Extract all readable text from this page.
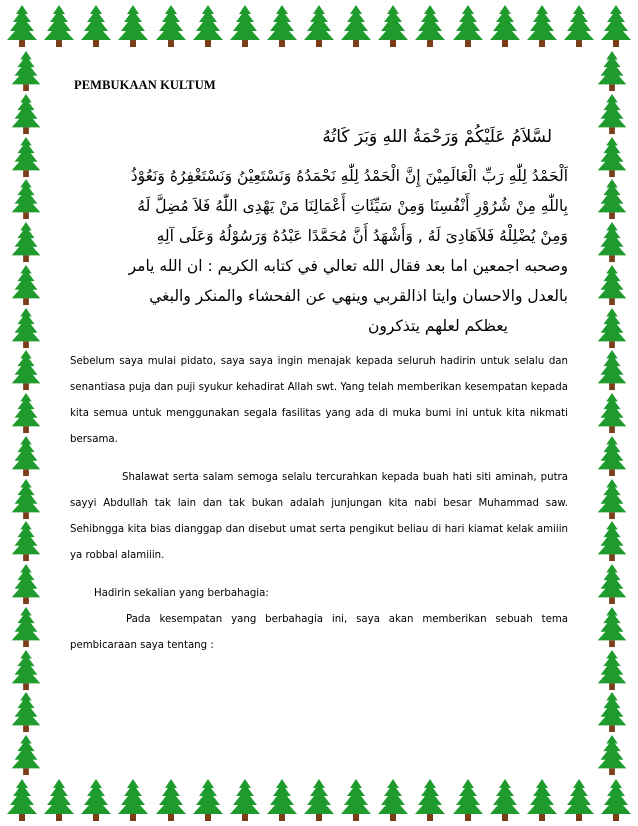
PEMBUKAAN KULTUM
لسَّلاَمُ عَلَيْكُمْ وَرَحْمَةُ اللهِ وَبَرَ كَاتُهُ

اَلْحَمْدُ لِلّٰهِ رَبِّ الْعَالَمِيْنَ إِنَّ الْحَمْدُ لِلّٰهِ نَحْمَدُهُ وَنَسْتَعِيْنُ وَنَسْتَغْفِرُهُ وَنَعُوْذُ

بِاللّٰهِ مِنْ شُرُوْرِ أَنْفُسِنَا وَمِنْ سَيِّئَاتِ أَعْمَالِنَا مَنْ يَهْدِى اللّٰهُ فَلاَ مُضِلَّ لَهُ

وَمِنْ يُضْلِلْهُ فَلاَهَادِىَ لَهُ , وَأَشْهَدُ أَنَّ مُحَمَّدًا عَبْدُهُ وَرَسُوْلُهُ وَعَلَى آلِهِ

وصحبه اجمعين اما بعد فقال الله تعالي في كتابه الكريم : ان الله يامر

بالعدل والاحسان وايتا اذالقربي وينهي عن الفحشاء والمنكر والبغي

يعظكم لعلهم يتذكرون

Sebelum saya mulai pidato, saya saya ingin menajak kepada seluruh hadirin untuk selalu dan senantiasa puja dan puji syukur kehadirat Allah swt. Yang telah memberikan kesempatan kepada kita semua untuk menggunakan segala fasilitas yang ada di muka bumi ini untuk kita nikmati bersama.

Shalawat serta salam semoga selalu tercurahkan kepada buah hati siti aminah, putra sayyi Abdullah tak lain dan tak bukan adalah junjungan kita nabi besar Muhammad saw. Sehibngga kita bias dianggap dan disebut umat serta pengikut beliau di hari kiamat kelak amiiin ya robbal alamiiin.

Hadirin sekalian yang berbahagia:

Pada kesempatan yang berbahagia ini, saya akan memberikan sebuah tema pembicaraan saya tentang :
